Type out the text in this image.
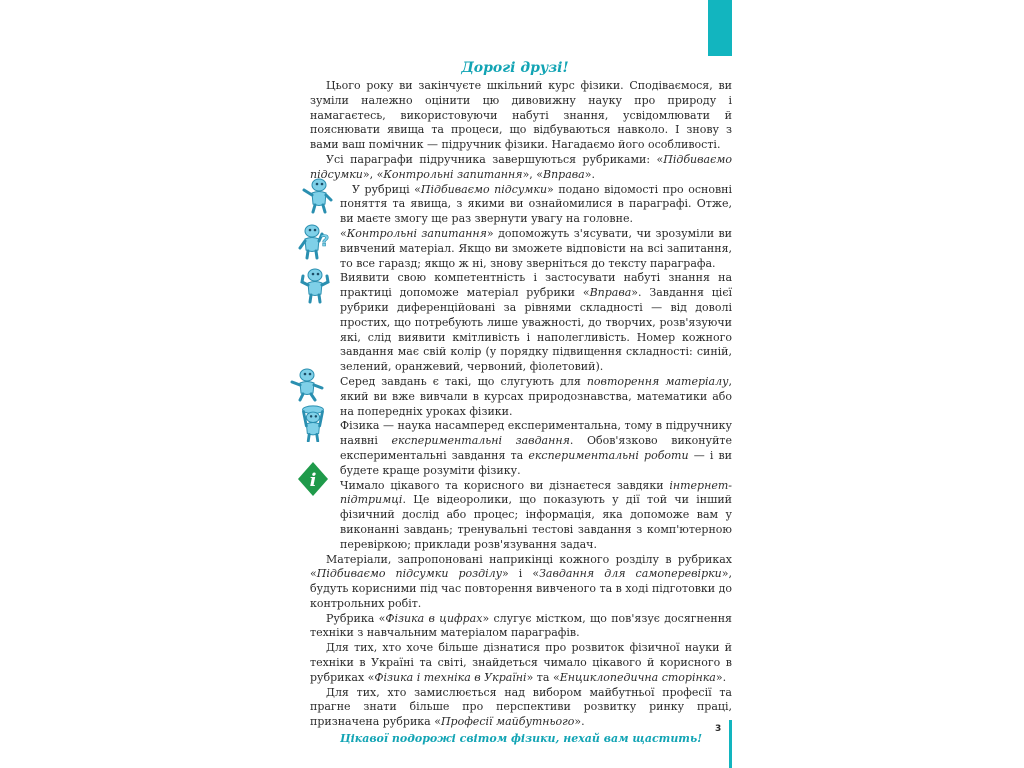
Дорогі друзі!
?
i

Цього року ви закінчуєте шкільний курс фізики. Сподіваємося, ви зуміли належно оцінити цю дивовижну науку про природу і намагаєтесь, використовуючи набуті знання, усвідомлювати й пояснювати явища та процеси, що відбуваються навколо. І знову з вами ваш помічник — підручник фізики. Нагадаємо його особливості.

Усі параграфи підручника завершуються рубриками: «Підбиваємо підсумки», «Контрольні запитання», «Вправа».

У рубриці «Підбиваємо підсумки» подано відомості про основні поняття та явища, з якими ви ознайомилися в параграфі. Отже, ви маєте змогу ще раз звернути увагу на головне.

«Контрольні запитання» допоможуть з'ясувати, чи зрозуміли ви вивчений матеріал. Якщо ви зможете відповісти на всі запитання, то все гаразд; якщо ж ні, знову зверніться до тексту параграфа.

Виявити свою компетентність і застосувати набуті знання на практиці допоможе матеріал рубрики «Вправа». Завдання цієї рубрики диференційовані за рівнями складності — від доволі простих, що потребують лише уважності, до творчих, розв'язуючи які, слід виявити кмітливість і наполегливість. Номер кожного завдання має свій колір (у порядку підвищення складності: синій, зелений, оранжевий, червоний, фіолетовий).

Серед завдань є такі, що слугують для повторення матеріалу, який ви вже вивчали в курсах природознавства, математики або на попередніх уроках фізики.

Фізика — наука насамперед експериментальна, тому в підручнику наявні експериментальні завдання. Обов'язково виконуйте експериментальні завдання та експериментальні роботи — і ви будете краще розуміти фізику.

Чимало цікавого та корисного ви дізнаєтеся завдяки інтернет-підтримці. Це відеоролики, що показують у дії той чи інший фізичний дослід або процес; інформація, яка допоможе вам у виконанні завдань; тренувальні тестові завдання з комп'ютерною перевіркою; приклади розв'язування задач.

Матеріали, запропоновані наприкінці кожного розділу в рубриках «Підбиваємо підсумки розділу» і «Завдання для самоперевірки», будуть корисними під час повторення вивченого та в ході підготовки до контрольних робіт.

Рубрика «Фізика в цифрах» слугує містком, що пов'язує досягнення техніки з навчальним матеріалом параграфів.

Для тих, хто хоче більше дізнатися про розвиток фізичної науки й техніки в Україні та світі, знайдеться чимало цікавого й корисного в рубриках «Фізика і техніка в Україні» та «Енциклопедична сторінка».

Для тих, хто замислюється над вибором майбутньої професії та прагне знати більше про перспективи розвитку ринку праці, призначена рубрика «Професії майбутнього».

Цікавої подорожі світом фізики, нехай вам щастить!

3
